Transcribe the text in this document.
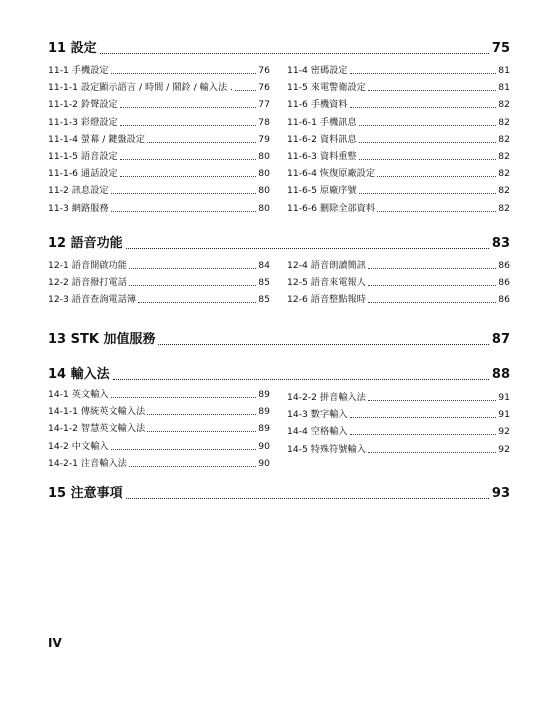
11 設定	75
12 語音功能	83
13 STK 加值服務	87
14 輸入法	88
15 注意事項	93
11-1 手機設定	76
11-1-1 設定顯示語言 / 時間 / 鬧鈴 / 輸入法 .	76
11-1-2 鈴聲設定	77
11-1-3 彩燈設定	78
11-1-4 螢幕 / 鍵盤設定	79
11-1-5 語音設定	80
11-1-6 通話設定	80
11-2 訊息設定	80
11-3 網路服務	80
11-4 密碼設定	81
11-5 來電警衛設定	81
11-6 手機資料	82
11-6-1 手機訊息	82
11-6-2 資料訊息	82
11-6-3 資料重整	82
11-6-4 恢復原廠設定	82
11-6-5 原廠序號	82
11-6-6 刪除全部資料	82
12-1 語音開啟功能	84
12-2 語音撥打電話	85
12-3 語音查詢電話簿	85
12-4 語音朗讀簡訊	86
12-5 語音來電報人	86
12-6 語音整點報時	86
14-1 英文輸入	89
14-1-1 傳統英文輸入法	89
14-1-2 智慧英文輸入法	89
14-2 中文輸入	90
14-2-1 注音輸入法	90
14-2-2 拼音輸入法	91
14-3 數字輸入	91
14-4 空格輸入	92
14-5 特殊符號輸入	92
IV
